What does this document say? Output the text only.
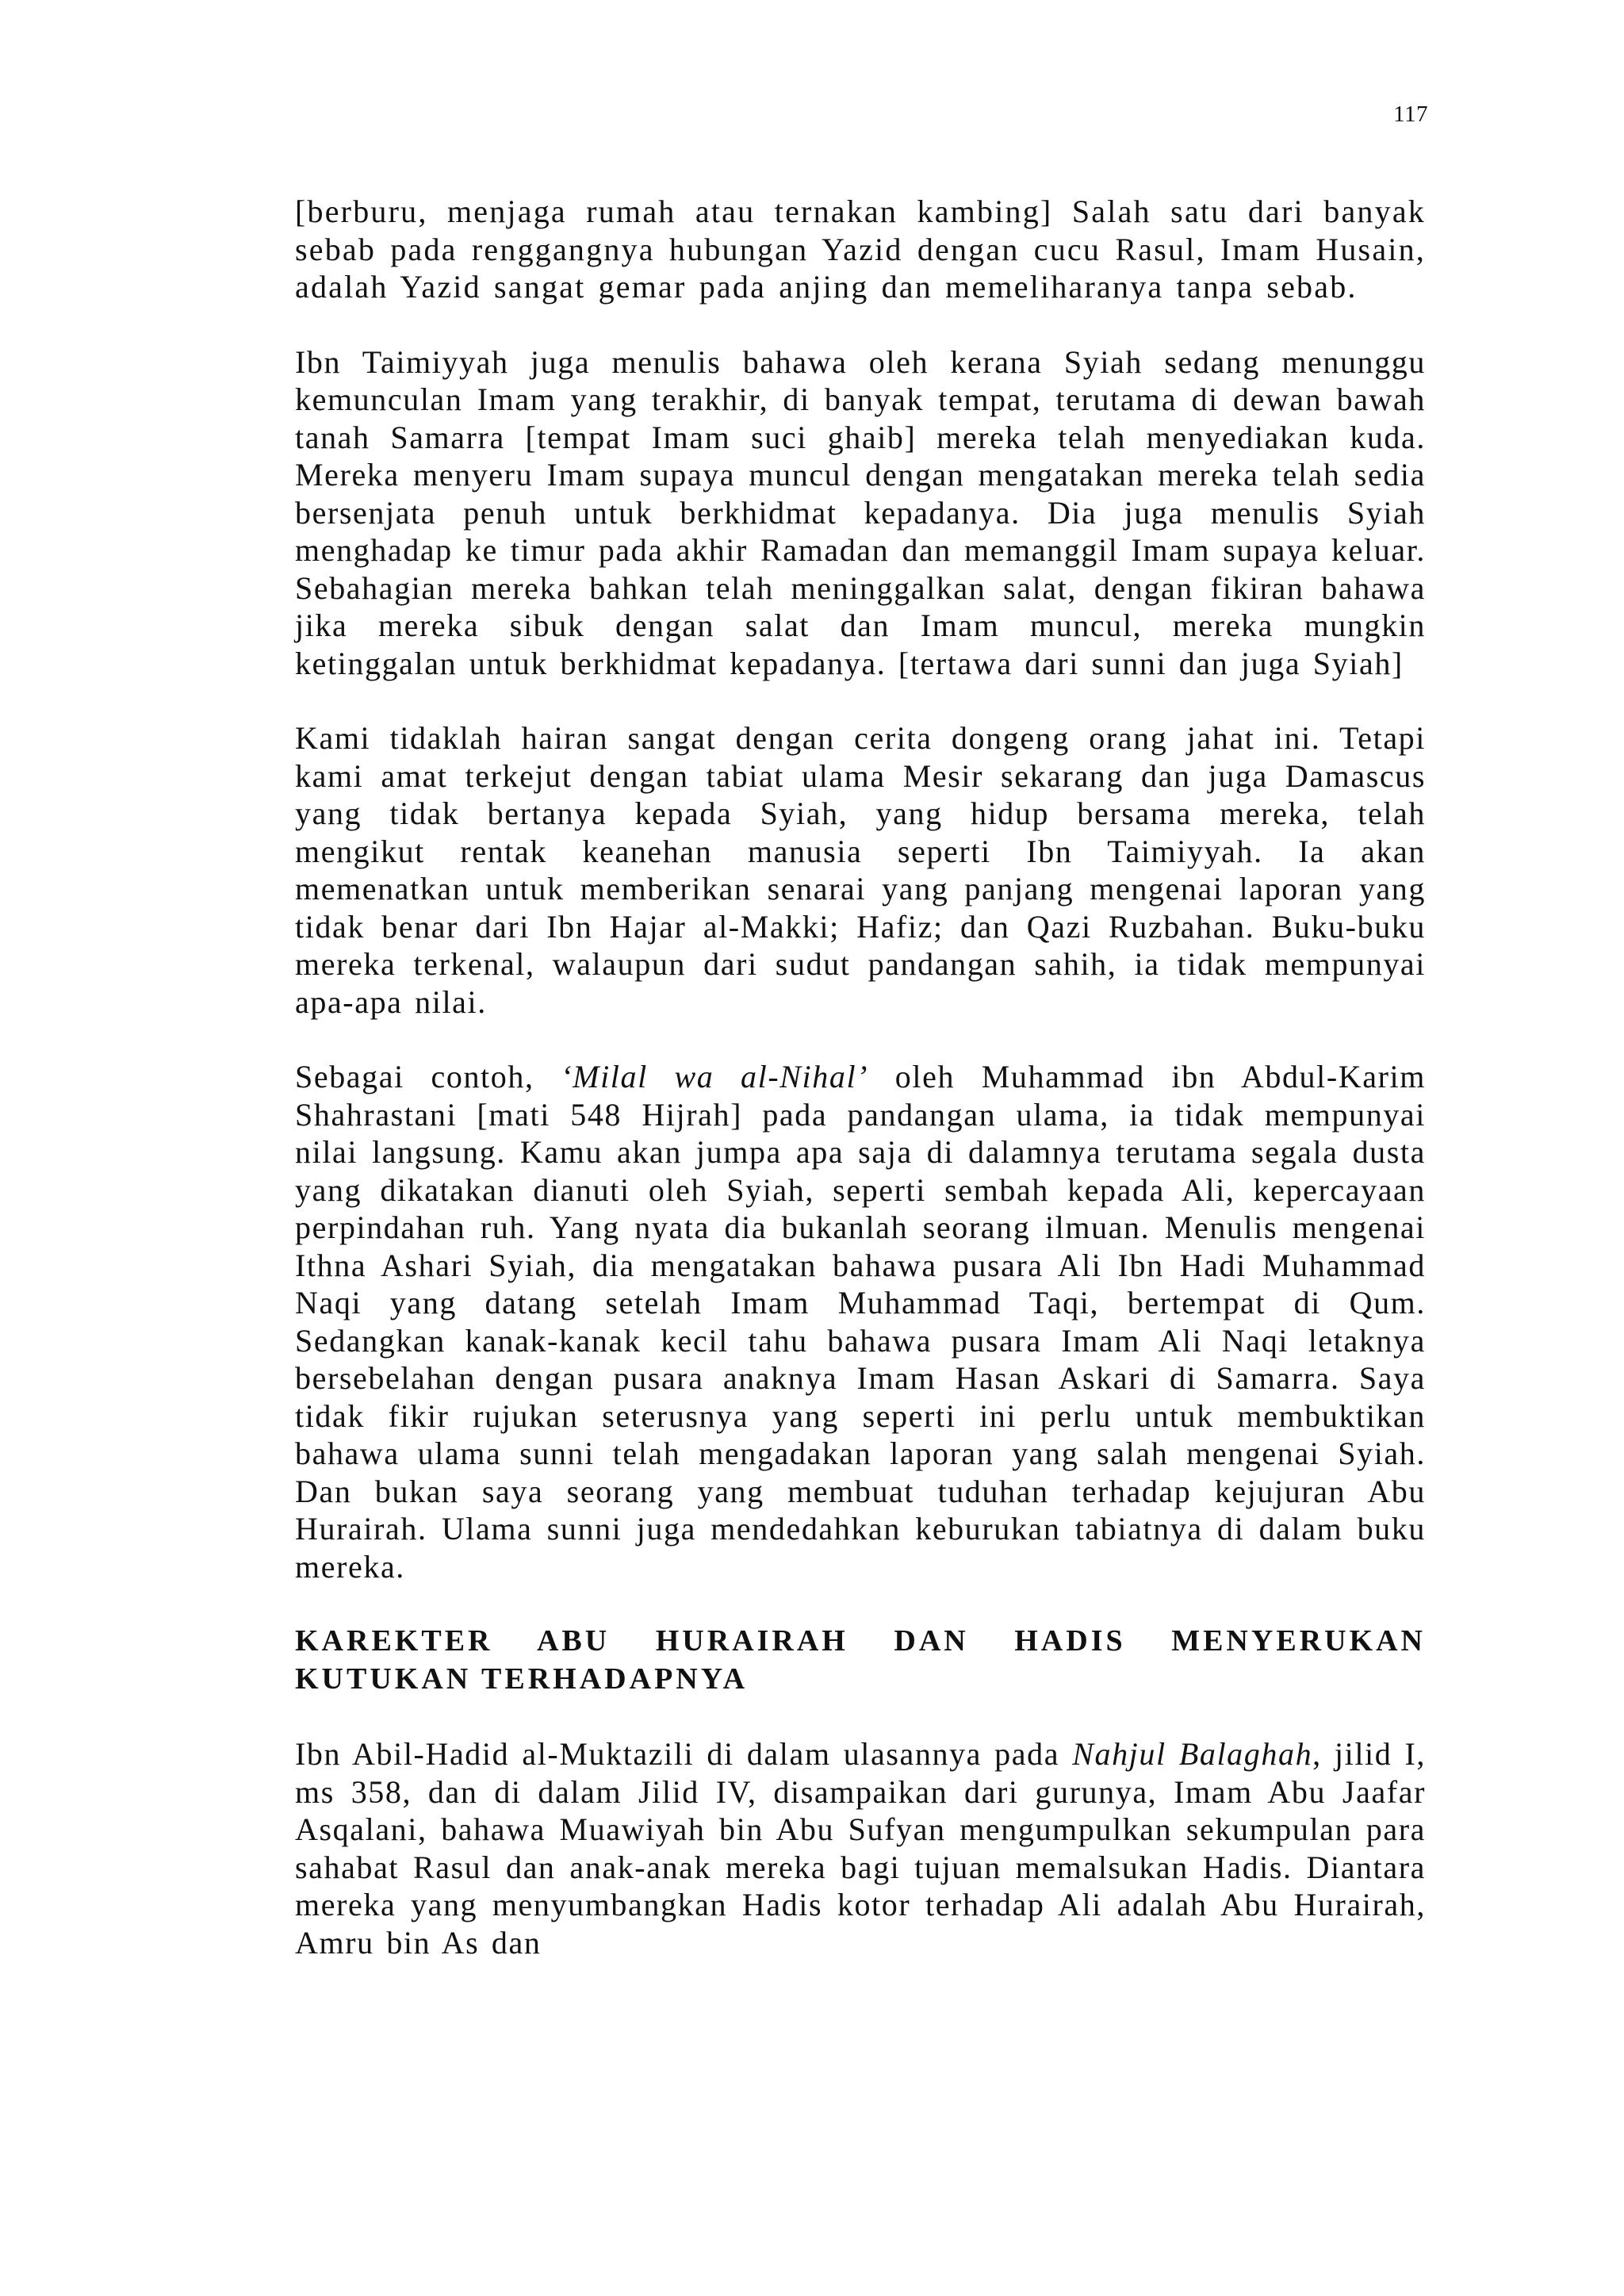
117

[berburu, menjaga rumah atau ternakan kambing] Salah satu dari banyak sebab pada renggangnya hubungan Yazid dengan cucu Rasul, Imam Husain, adalah Yazid sangat gemar pada anjing dan memeliharanya tanpa sebab.

Ibn Taimiyyah juga menulis bahawa oleh kerana Syiah sedang menunggu kemunculan Imam yang terakhir, di banyak tempat, terutama di dewan bawah tanah Samarra [tempat Imam suci ghaib] mereka telah menyediakan kuda. Mereka menyeru Imam supaya muncul dengan mengatakan mereka telah sedia bersenjata penuh untuk berkhidmat kepadanya. Dia juga menulis Syiah menghadap ke timur pada akhir Ramadan dan memanggil Imam supaya keluar. Sebahagian mereka bahkan telah meninggalkan salat, dengan fikiran bahawa jika mereka sibuk dengan salat dan Imam muncul, mereka mungkin ketinggalan untuk berkhidmat kepadanya. [tertawa dari sunni dan juga Syiah]

Kami tidaklah hairan sangat dengan cerita dongeng orang jahat ini. Tetapi kami amat terkejut dengan tabiat ulama Mesir sekarang dan juga Damascus yang tidak bertanya kepada Syiah, yang hidup bersama mereka, telah mengikut rentak keanehan manusia seperti Ibn Taimiyyah. Ia akan memenatkan untuk memberikan senarai yang panjang mengenai laporan yang tidak benar dari Ibn Hajar al-Makki; Hafiz; dan Qazi Ruzbahan. Buku-buku mereka terkenal, walaupun dari sudut pandangan sahih, ia tidak mempunyai apa-apa nilai.

Sebagai contoh, ‘Milal wa al-Nihal’ oleh Muhammad ibn Abdul-Karim Shahrastani [mati 548 Hijrah] pada pandangan ulama, ia tidak mempunyai nilai langsung. Kamu akan jumpa apa saja di dalamnya terutama segala dusta yang dikatakan dianuti oleh Syiah, seperti sembah kepada Ali, kepercayaan perpindahan ruh. Yang nyata dia bukanlah seorang ilmuan. Menulis mengenai Ithna Ashari Syiah, dia mengatakan bahawa pusara Ali Ibn Hadi Muhammad Naqi yang datang setelah Imam Muhammad Taqi, bertempat di Qum. Sedangkan kanak-kanak kecil tahu bahawa pusara Imam Ali Naqi letaknya bersebelahan dengan pusara anaknya Imam Hasan Askari di Samarra. Saya tidak fikir rujukan seterusnya yang seperti ini perlu untuk membuktikan bahawa ulama sunni telah mengadakan laporan yang salah mengenai Syiah. Dan bukan saya seorang yang membuat tuduhan terhadap kejujuran Abu Hurairah. Ulama sunni juga mendedahkan keburukan tabiatnya di dalam buku mereka.

KAREKTER ABU HURAIRAH DAN HADIS MENYERUKAN KUTUKAN TERHADAPNYA

Ibn Abil-Hadid al-Muktazili di dalam ulasannya pada Nahjul Balaghah, jilid I, ms 358, dan di dalam Jilid IV, disampaikan dari gurunya, Imam Abu Jaafar Asqalani, bahawa Muawiyah bin Abu Sufyan mengumpulkan sekumpulan para sahabat Rasul dan anak-anak mereka bagi tujuan memalsukan Hadis. Diantara mereka yang menyumbangkan Hadis kotor terhadap Ali adalah Abu Hurairah, Amru bin As dan
